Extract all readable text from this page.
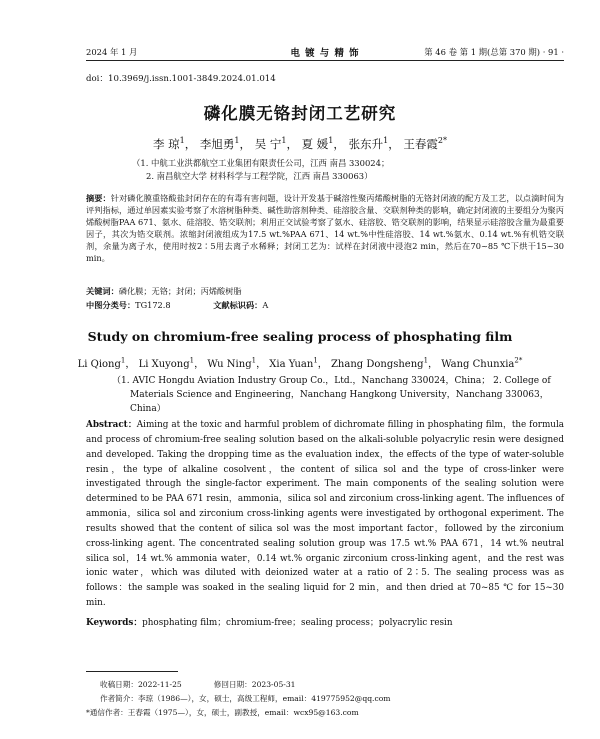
2024 年 1 月	电 镀 与 精 饰	第 46 卷 第 1 期(总第 370 期) · 91 ·
doi：10.3969/j.issn.1001-3849.2024.01.014
磷化膜无铬封闭工艺研究
李 琼$^1$， 李旭勇$^1$， 吴 宁$^1$， 夏 媛$^1$， 张东升$^1$， 王春霞$^{2*}$
（1. 中航工业洪都航空工业集团有限责任公司，江西 南昌 330024；
2. 南昌航空大学 材料科学与工程学院，江西 南昌 330063）
摘要：针对磷化膜重铬酸盐封闭存在的有毒有害问题，设计开发基于碱溶性聚丙烯酸树脂的无铬封闭液的配方及工艺，以点滴时间为评判指标，通过单因素实验考察了水溶树脂种类、碱性助溶剂种类、硅溶胶含量、交联剂种类的影响，确定封闭液的主要组分为聚丙烯酸树脂PAA 671、氨水、硅溶胶、锆交联剂；利用正交试验考察了氨水、硅溶胶、锆交联剂的影响，结果显示硅溶胶含量为最重要因子，其次为锆交联剂。浓缩封闭液组成为17.5 wt.%PAA 671、14 wt.%中性硅溶胶、14 wt.%氨水、0.14 wt.%有机锆交联剂，余量为离子水，使用时按2∶5用去离子水稀释；封闭工艺为：试样在封闭液中浸泡2 min，然后在70~85 ℃下烘干15~30 min。
关键词：磷化膜；无铬；封闭；丙烯酸树脂
中图分类号：TG172.8	文献标识码：A
Study on chromium-free sealing process of phosphating film
Li Qiong$^1$， Li Xuyong$^1$， Wu Ning$^1$， Xia Yuan$^1$， Zhang Dongsheng$^1$， Wang Chunxia$^{2*}$
（1. AVIC Hongdu Aviation Industry Group Co.，Ltd.，Nanchang 330024，China； 2. College of
Materials Science and Engineering，Nanchang Hangkong University，Nanchang 330063，China）
Abstract：Aiming at the toxic and harmful problem of dichromate filling in phosphating film，the formula and process of chromium-free sealing solution based on the alkali-soluble polyacrylic resin were designed and developed. Taking the dropping time as the evaluation index，the effects of the type of water-soluble resin，the type of alkaline cosolvent，the content of silica sol and the type of cross-linker were investigated through the single-factor experiment. The main components of the sealing solution were determined to be PAA 671 resin，ammonia，silica sol and zirconium cross-linking agent. The influences of ammonia，silica sol and zirconium cross-linking agents were investigated by orthogonal experiment. The results showed that the content of silica sol was the most important factor，followed by the zirconium cross-linking agent. The concentrated sealing solution group was 17.5 wt.% PAA 671，14 wt.% neutral silica sol，14 wt.% ammonia water，0.14 wt.% organic zirconium cross-linking agent，and the rest was ionic water，which was diluted with deionized water at a ratio of 2∶5. The sealing process was as follows：the sample was soaked in the sealing liquid for 2 min，and then dried at 70~85 ℃ for 15~30 min.
Keywords：phosphating film；chromium-free；sealing process；polyacrylic resin
收稿日期：2022-11-25	修回日期：2023-05-31
作者简介：李琼（1986—），女，硕士，高级工程师，email：419775952@qq.com
*通信作者：王春霞（1975—），女，硕士，副教授，email：wcx95@163.com
